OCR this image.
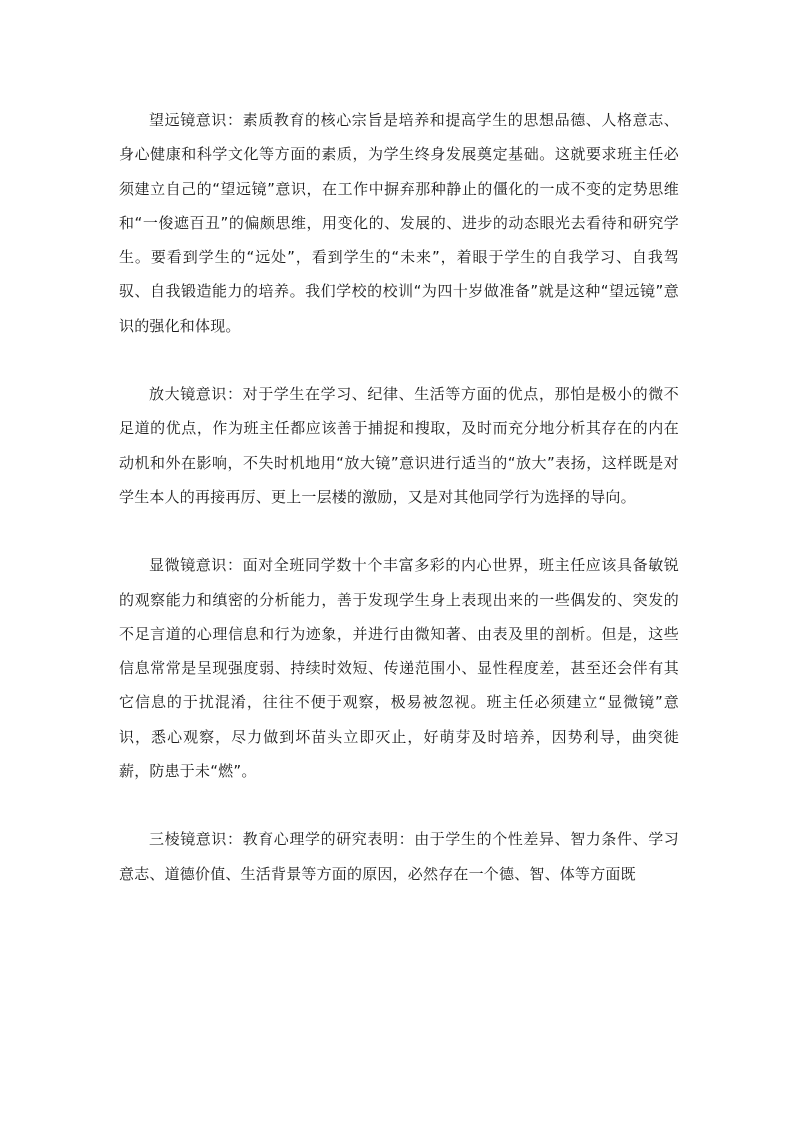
望远镜意识：素质教育的核心宗旨是培养和提高学生的思想品德、人格意志、身心健康和科学文化等方面的素质，为学生终身发展奠定基础。这就要求班主任必须建立自己的“望远镜”意识，在工作中摒弃那种静止的僵化的一成不变的定势思维和“一俊遮百丑”的偏颇思维，用变化的、发展的、进步的动态眼光去看待和研究学生。要看到学生的“远处”，看到学生的“未来”，着眼于学生的自我学习、自我驾驭、自我锻造能力的培养。我们学校的校训“为四十岁做准备”就是这种“望远镜”意识的强化和体现。

放大镜意识：对于学生在学习、纪律、生活等方面的优点，那怕是极小的微不足道的优点，作为班主任都应该善于捕捉和搜取，及时而充分地分析其存在的内在动机和外在影响，不失时机地用“放大镜”意识进行适当的“放大”表扬，这样既是对学生本人的再接再厉、更上一层楼的激励，又是对其他同学行为选择的导向。

显微镜意识：面对全班同学数十个丰富多彩的内心世界，班主任应该具备敏锐的观察能力和缜密的分析能力，善于发现学生身上表现出来的一些偶发的、突发的不足言道的心理信息和行为迹象，并进行由微知著、由表及里的剖析。但是，这些信息常常是呈现强度弱、持续时效短、传递范围小、显性程度差，甚至还会伴有其它信息的于扰混淆，往往不便于观察，极易被忽视。班主任必须建立“显微镜”意识，悉心观察，尽力做到坏苗头立即灭止，好萌芽及时培养，因势利导，曲突徙薪，防患于未“燃”。

三棱镜意识：教育心理学的研究表明：由于学生的个性差异、智力条件、学习意志、道德价值、生活背景等方面的原因，必然存在一个德、智、体等方面既
